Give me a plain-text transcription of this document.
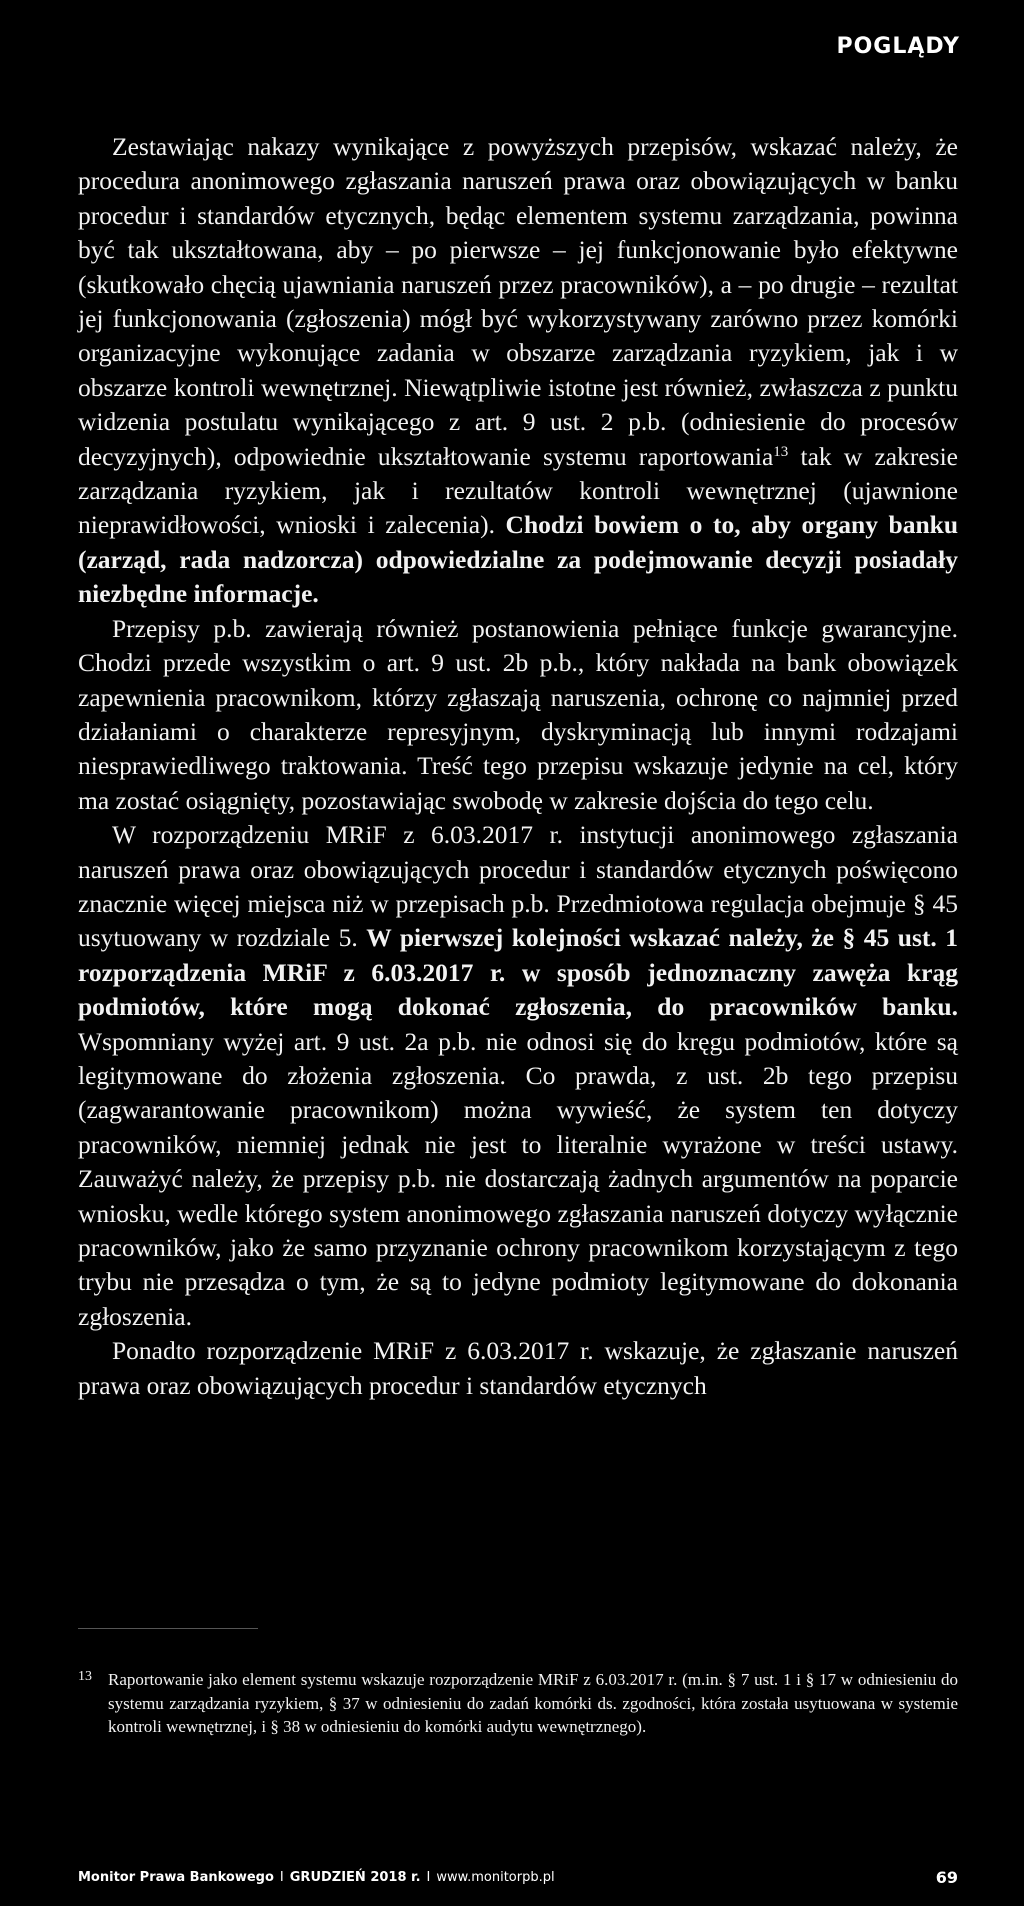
POGLĄDY

Zestawiając nakazy wynikające z powyższych przepisów, wskazać należy, że procedura anonimowego zgłaszania naruszeń prawa oraz obowiązujących w banku procedur i standardów etycznych, będąc elementem systemu zarządzania, powinna być tak ukształtowana, aby – po pierwsze – jej funkcjonowanie było efektywne (skutkowało chęcią ujawniania naruszeń przez pracowników), a – po drugie – rezultat jej funkcjonowania (zgłoszenia) mógł być wykorzystywany zarówno przez komórki organizacyjne wykonujące zadania w obszarze zarządzania ryzykiem, jak i w obszarze kontroli wewnętrznej. Niewątpliwie istotne jest również, zwłaszcza z punktu widzenia postulatu wynikającego z art. 9 ust. 2 p.b. (odniesienie do procesów decyzyjnych), odpowiednie ukształtowanie systemu raportowania$^{13}$ tak w zakresie zarządzania ryzykiem, jak i rezultatów kontroli wewnętrznej (ujawnione nieprawidłowości, wnioski i zalecenia). Chodzi bowiem o to, aby organy banku (zarząd, rada nadzorcza) odpowiedzialne za podejmowanie decyzji posiadały niezbędne informacje.

Przepisy p.b. zawierają również postanowienia pełniące funkcje gwarancyjne. Chodzi przede wszystkim o art. 9 ust. 2b p.b., który nakłada na bank obowiązek zapewnienia pracownikom, którzy zgłaszają naruszenia, ochronę co najmniej przed działaniami o charakterze represyjnym, dyskryminacją lub innymi rodzajami niesprawiedliwego traktowania. Treść tego przepisu wskazuje jedynie na cel, który ma zostać osiągnięty, pozostawiając swobodę w zakresie dojścia do tego celu.

W rozporządzeniu MRiF z 6.03.2017 r. instytucji anonimowego zgłaszania naruszeń prawa oraz obowiązujących procedur i standardów etycznych poświęcono znacznie więcej miejsca niż w przepisach p.b. Przedmiotowa regulacja obejmuje § 45 usytuowany w rozdziale 5. W pierwszej kolejności wskazać należy, że § 45 ust. 1 rozporządzenia MRiF z 6.03.2017 r. w sposób jednoznaczny zawęża krąg podmiotów, które mogą dokonać zgłoszenia, do pracowników banku. Wspomniany wyżej art. 9 ust. 2a p.b. nie odnosi się do kręgu podmiotów, które są legitymowane do złożenia zgłoszenia. Co prawda, z ust. 2b tego przepisu (zagwarantowanie pracownikom) można wywieść, że system ten dotyczy pracowników, niemniej jednak nie jest to literalnie wyrażone w treści ustawy. Zauważyć należy, że przepisy p.b. nie dostarczają żadnych argumentów na poparcie wniosku, wedle którego system anonimowego zgłaszania naruszeń dotyczy wyłącznie pracowników, jako że samo przyznanie ochrony pracownikom korzystającym z tego trybu nie przesądza o tym, że są to jedyne podmioty legitymowane do dokonania zgłoszenia.

Ponadto rozporządzenie MRiF z 6.03.2017 r. wskazuje, że zgłaszanie naruszeń prawa oraz obowiązujących procedur i standardów etycznych

13 Raportowanie jako element systemu wskazuje rozporządzenie MRiF z 6.03.2017 r. (m.in. § 7 ust. 1 i § 17 w odniesieniu do systemu zarządzania ryzykiem, § 37 w odniesieniu do zadań komórki ds. zgodności, która została usytuowana w systemie kontroli wewnętrznej, i § 38 w odniesieniu do komórki audytu wewnętrznego).
Monitor Prawa Bankowego I GRUDZIEŃ 2018 r. I www.monitorpb.pl	69
